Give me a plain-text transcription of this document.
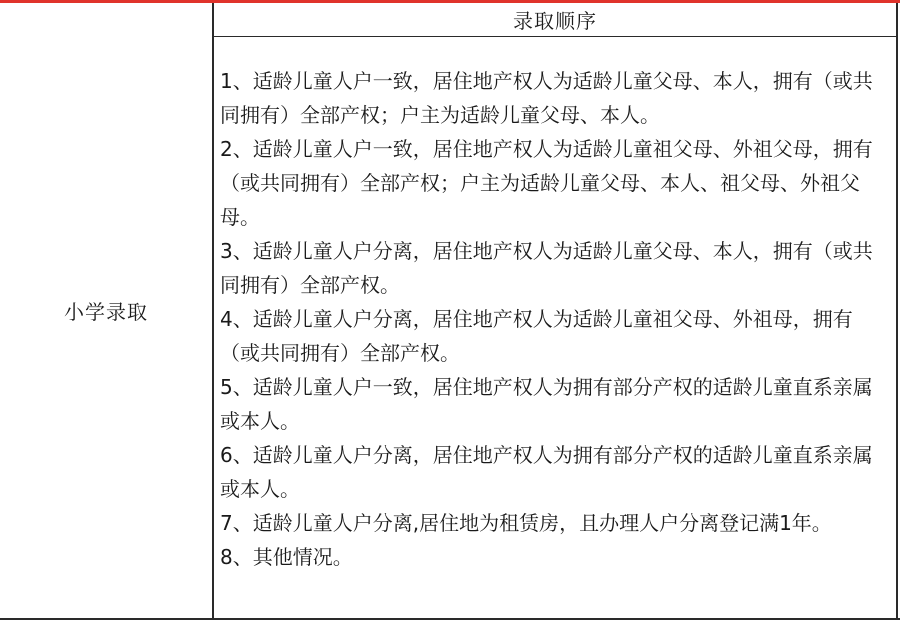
录取顺序
小学录取

1、适龄儿童人户一致，居住地产权人为适龄儿童父母、本人，拥有（或共同拥有）全部产权；户主为适龄儿童父母、本人。

2、适龄儿童人户一致，居住地产权人为适龄儿童祖父母、外祖父母，拥有（或共同拥有）全部产权；户主为适龄儿童父母、本人、祖父母、外祖父母。

3、适龄儿童人户分离，居住地产权人为适龄儿童父母、本人，拥有（或共同拥有）全部产权。

4、适龄儿童人户分离，居住地产权人为适龄儿童祖父母、外祖母，拥有（或共同拥有）全部产权。

5、适龄儿童人户一致，居住地产权人为拥有部分产权的适龄儿童直系亲属或本人。

6、适龄儿童人户分离，居住地产权人为拥有部分产权的适龄儿童直系亲属或本人。

7、适龄儿童人户分离,居住地为租赁房，且办理人户分离登记满1年。

8、其他情况。
